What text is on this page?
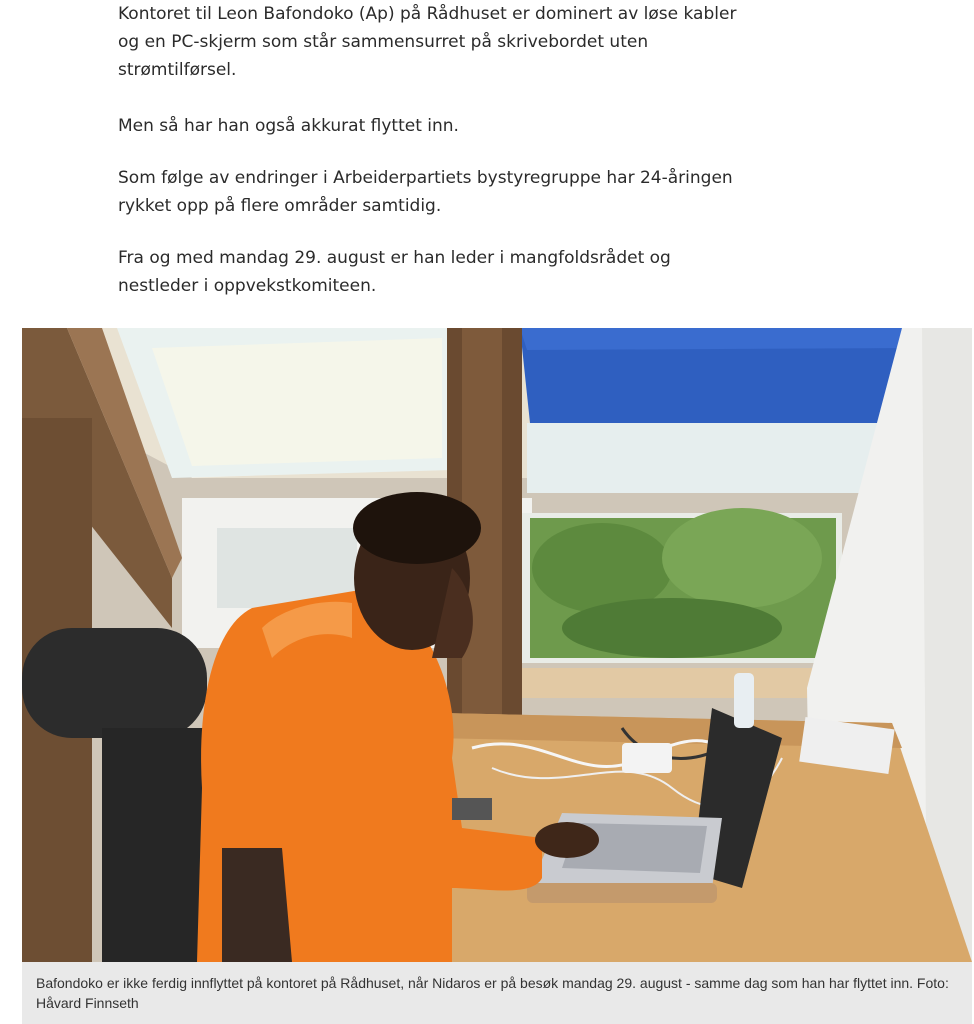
Kontoret til Leon Bafondoko (Ap) på Rådhuset er dominert av løse kabler og en PC-skjerm som står sammensurret på skrivebordet uten strømtilførsel.

Men så har han også akkurat flyttet inn.

Som følge av endringer i Arbeiderpartiets bystyregruppe har 24-åringen rykket opp på flere områder samtidig.

Fra og med mandag 29. august er han leder i mangfoldsrådet og nestleder i oppvekstkomiteen.

Bafondoko er ikke ferdig innflyttet på kontoret på Rådhuset, når Nidaros er på besøk mandag 29. august - samme dag som han har flyttet inn. Foto: Håvard Finnseth
